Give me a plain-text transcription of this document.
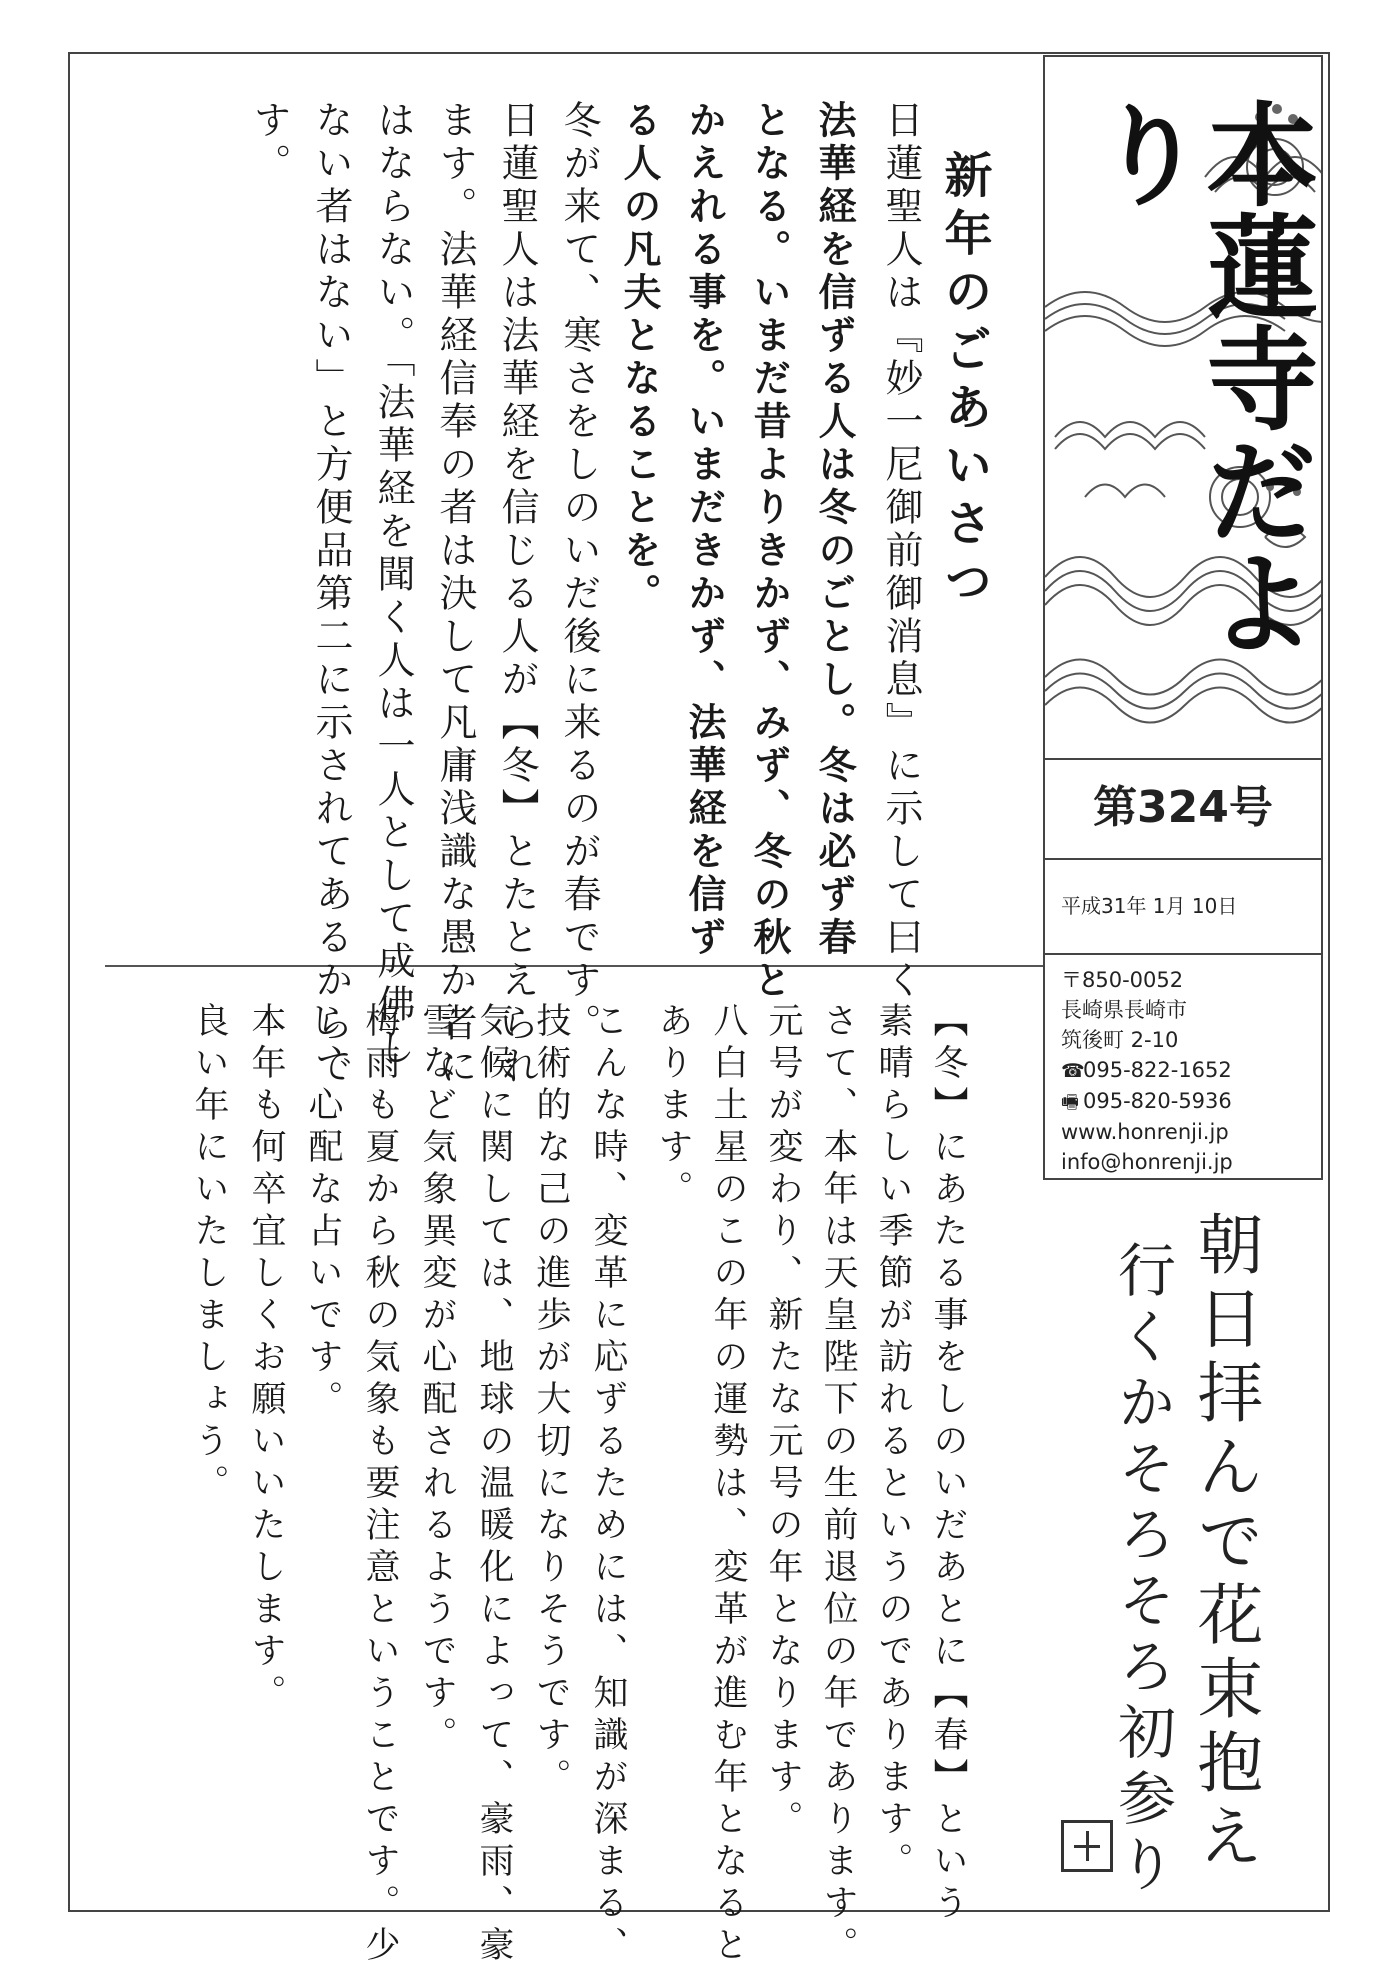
本蓮寺だより
第324号
平成31年 1月 10日
〒850-0052
長崎県長崎市
筑後町 2-10
☎095-822-1652
🖷 095-820-5936
www.honrenji.jp
info@honrenji.jp
朝日拝んで花束抱え
行くかそろそろ初参り
新年のごあいさつ
日蓮聖人は『妙一尼御前御消息』に示して曰く
法華経を信ずる人は冬のごとし。冬は必ず春
となる。いまだ昔よりきかず、みず、冬の秋と
かえれる事を。いまだきかず、法華経を信ず
る人の凡夫となることを。
冬が来て、寒さをしのいだ後に来るのが春です。
日蓮聖人は法華経を信じる人が【冬】とたとえられ
ます。法華経信奉の者は決して凡庸浅識な愚か者に
はならない。「法華経を聞く人は一人として成佛し
ない者はない」と方便品第二に示されてあるからで
す。
【冬】にあたる事をしのいだあとに【春】という
素晴らしい季節が訪れるというのであります。
さて、本年は天皇陛下の生前退位の年であります。
元号が変わり、新たな元号の年となります。
八白土星のこの年の運勢は、変革が進む年となると
あります。
こんな時、変革に応ずるためには、知識が深まる、
技術的な己の進歩が大切になりそうです。
気候に関しては、地球の温暖化によって、豪雨、豪
雪など気象異変が心配されるようです。
梅雨も夏から秋の気象も要注意ということです。少
し、心配な占いです。
本年も何卒宜しくお願いいたします。
良い年にいたしましょう。
